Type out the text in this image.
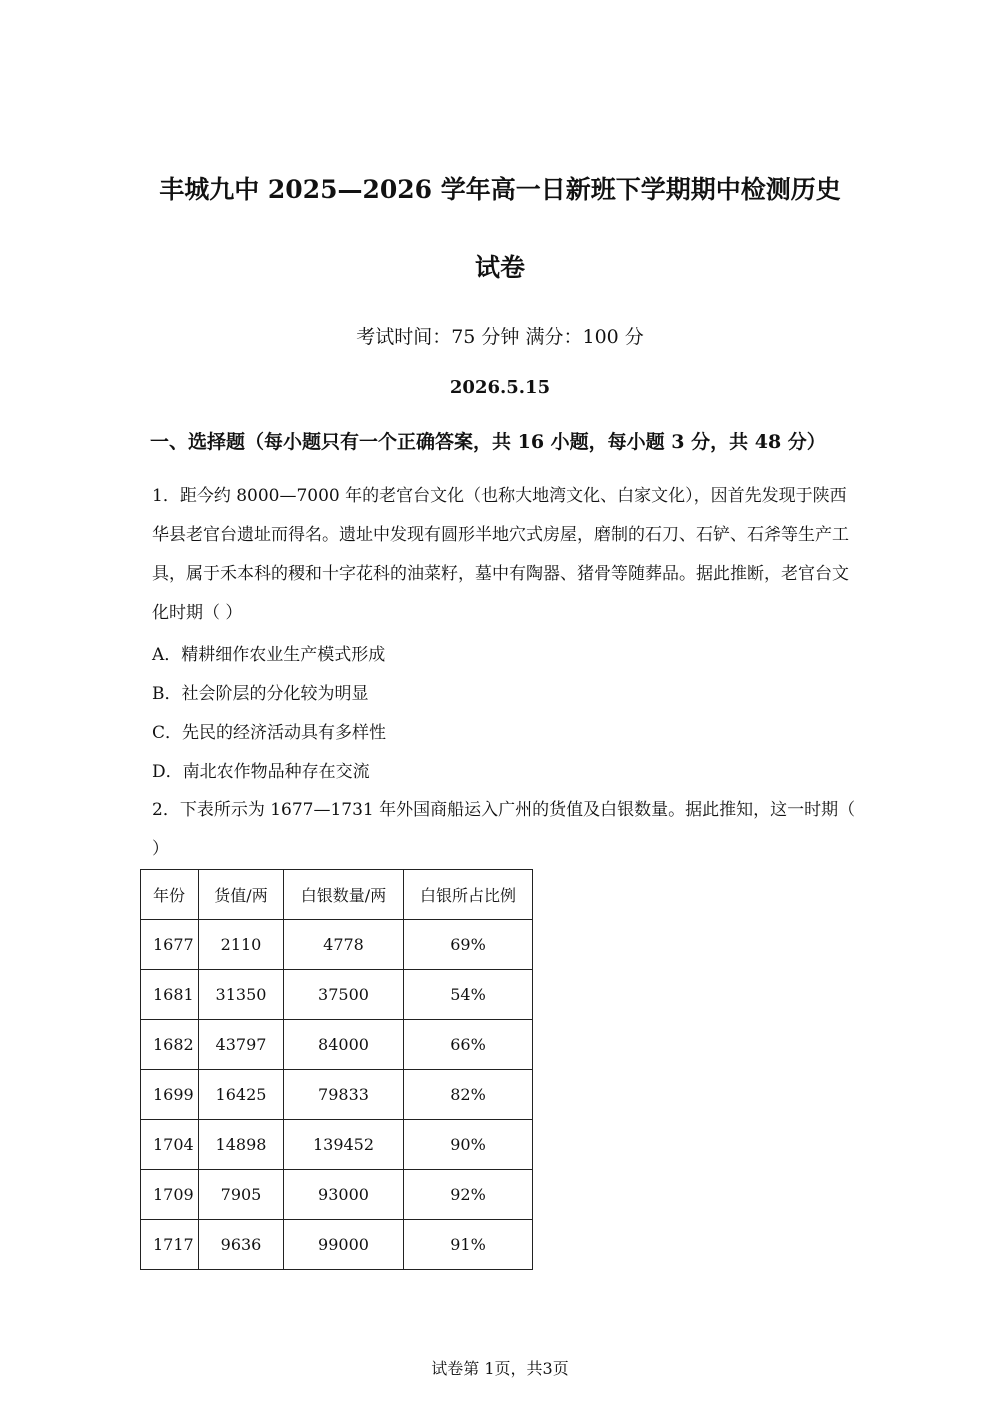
丰城九中 2025—2026 学年高一日新班下学期期中检测历史
试卷
考试时间：75 分钟 满分：100 分
2026.5.15
一、选择题（每小题只有一个正确答案，共 16 小题，每小题 3 分，共 48 分）
1．距今约 8000—7000 年的老官台文化（也称大地湾文化、白家文化），因首先发现于陕西华县老官台遗址而得名。遗址中发现有圆形半地穴式房屋，磨制的石刀、石铲、石斧等生产工具，属于禾本科的稷和十字花科的油菜籽，墓中有陶器、猪骨等随葬品。据此推断，老官台文化时期（ ）
A．精耕细作农业生产模式形成
B．社会阶层的分化较为明显
C．先民的经济活动具有多样性
D．南北农作物品种存在交流
2．下表所示为 1677—1731 年外国商船运入广州的货值及白银数量。据此推知，这一时期（ ）
年份	货值/两	白银数量/两	白银所占比例
1677	2110	4778	69%
1681	31350	37500	54%
1682	43797	84000	66%
1699	16425	79833	82%
1704	14898	139452	90%
1709	7905	93000	92%
1717	9636	99000	91%
试卷第 1页，共3页
